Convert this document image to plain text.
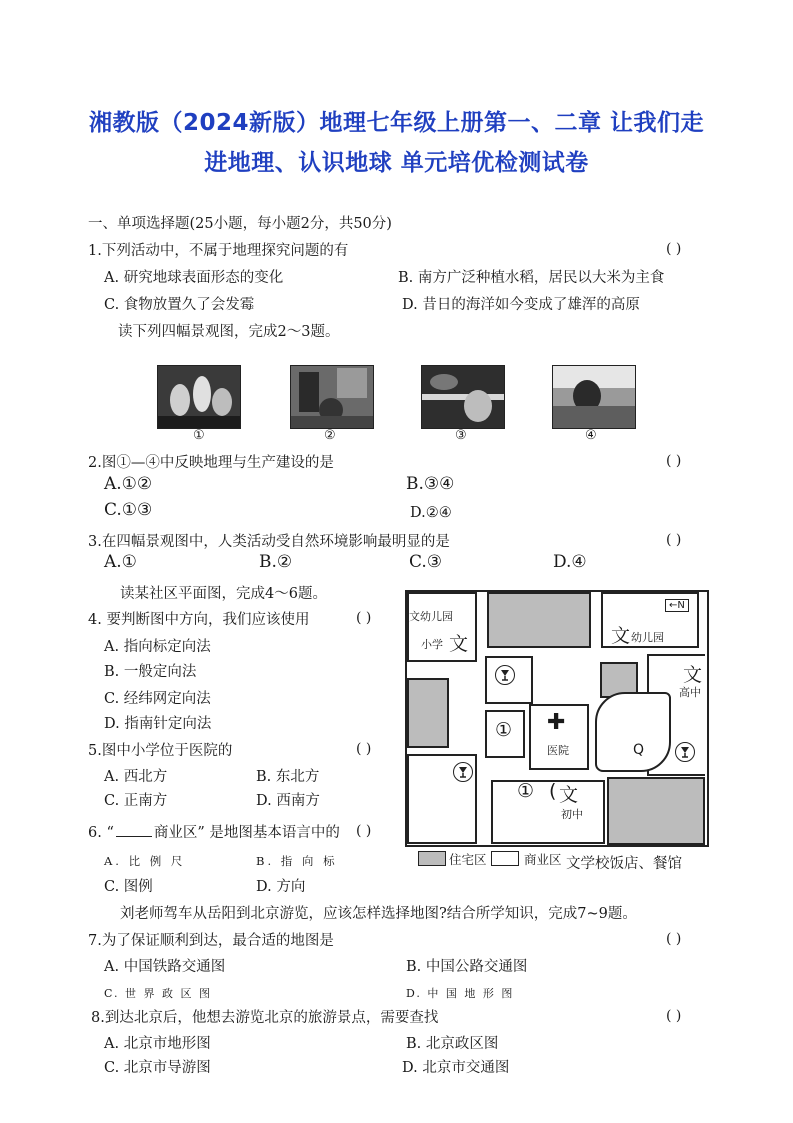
湘教版（2024新版）地理七年级上册第一、二章 让我们走
进地理、认识地球 单元培优检测试卷
一、单项选择题(25小题，每小题2分，共50分)
1.下列活动中，不属于地理探究问题的有	( )
A. 研究地球表面形态的变化	B. 南方广泛种植水稻，居民以大米为主食
C. 食物放置久了会发霉	D. 昔日的海洋如今变成了雄浑的高原
读下列四幅景观图，完成2～3题。
①	②	③	④
2.图①—④中反映地理与生产建设的是	( )
A.①②	B.③④
C.①③	D.②④
3.在四幅景观图中，人类活动受自然环境影响最明显的是	( )
A.①	B.②	C.③	D.④
读某社区平面图，完成4～6题。
4. 要判断图中方向，我们应该使用	( )
A. 指向标定向法
B. 一般定向法
C. 经纬网定向法
D. 指南针定向法
5.图中小学位于医院的	( )
A. 西北方	B. 东北方
C. 正南方	D. 西南方
6. “	商业区” 是地图基本语言中的 ( )
A. 比 例 尺	B. 指 向 标
C. 图例	D. 方向
文幼儿园
小学 文	文 幼儿园
文
高中
←N
✚
医院
①
① ( 文
初中
Q
住宅区	商业区 文学校饭店、餐馆
刘老师驾车从岳阳到北京游览，应该怎样选择地图?结合所学知识，完成7~9题。
7.为了保证顺利到达，最合适的地图是	( )
A. 中国铁路交通图	B. 中国公路交通图
C. 世 界 政 区 图	D. 中 国 地 形 图
8.到达北京后，他想去游览北京的旅游景点，需要查找	( )
A. 北京市地形图	B. 北京政区图
C. 北京市导游图	D. 北京市交通图
